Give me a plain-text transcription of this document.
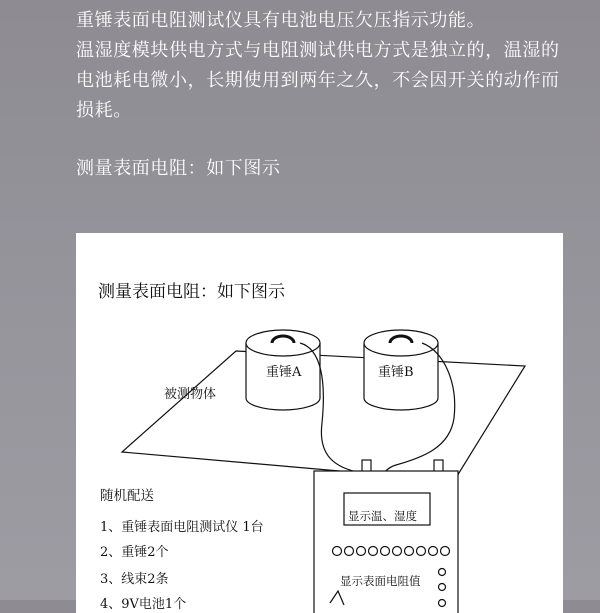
重锤表面电阻测试仪具有电池电压欠压指示功能。

温湿度模块供电方式与电阻测试供电方式是独立的，温湿的电池耗电微小，长期使用到两年之久，不会因开关的动作而损耗。

测量表面电阻：如下图示

测量表面电阻：如下图示
重锤A	重锤B
被测物体
随机配送
1、重锤表面电阻测试仪 1台
2、重锤2个
3、线束2条
4、9V电池1个
显示温、湿度
显示表面电阻值
